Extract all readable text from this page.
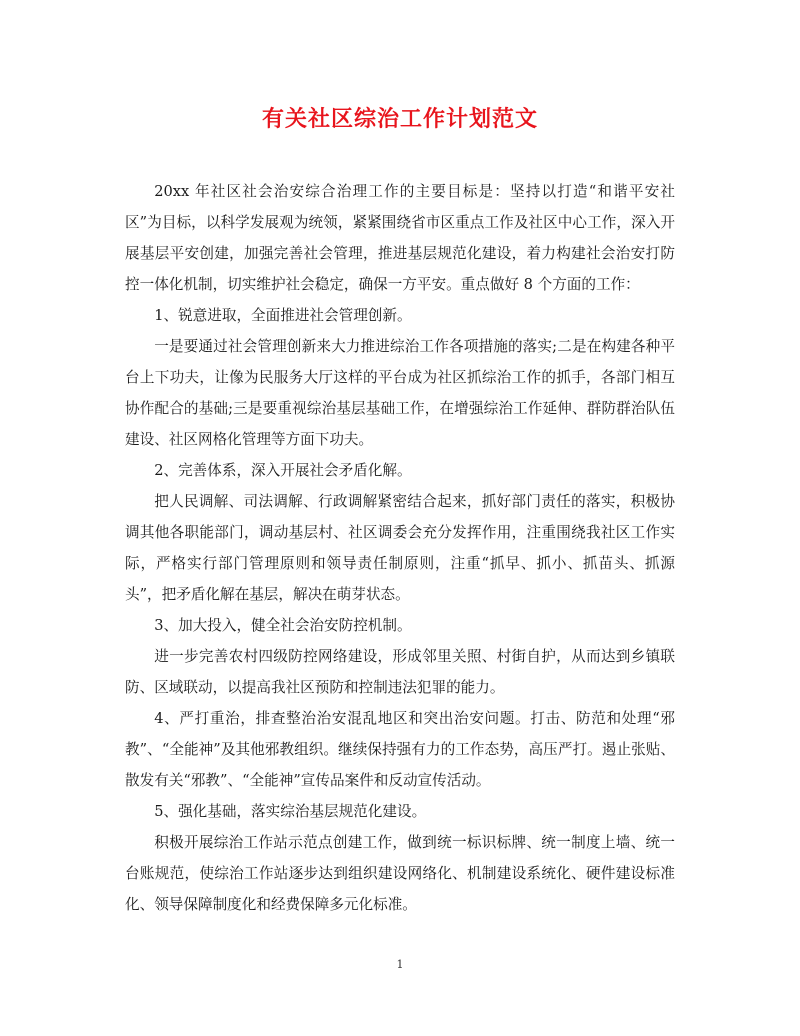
有关社区综治工作计划范文

20xx 年社区社会治安综合治理工作的主要目标是：坚持以打造“和谐平安社区”为目标，以科学发展观为统领，紧紧围绕省市区重点工作及社区中心工作，深入开展基层平安创建，加强完善社会管理，推进基层规范化建设，着力构建社会治安打防控一体化机制，切实维护社会稳定，确保一方平安。重点做好 8 个方面的工作：

1、锐意进取，全面推进社会管理创新。

一是要通过社会管理创新来大力推进综治工作各项措施的落实;二是在构建各种平台上下功夫，让像为民服务大厅这样的平台成为社区抓综治工作的抓手，各部门相互协作配合的基础;三是要重视综治基层基础工作，在增强综治工作延伸、群防群治队伍建设、社区网格化管理等方面下功夫。

2、完善体系，深入开展社会矛盾化解。

把人民调解、司法调解、行政调解紧密结合起来，抓好部门责任的落实，积极协调其他各职能部门，调动基层村、社区调委会充分发挥作用，注重围绕我社区工作实际，严格实行部门管理原则和领导责任制原则，注重“抓早、抓小、抓苗头、抓源头”，把矛盾化解在基层，解决在萌芽状态。

3、加大投入，健全社会治安防控机制。

进一步完善农村四级防控网络建设，形成邻里关照、村街自护，从而达到乡镇联防、区域联动，以提高我社区预防和控制违法犯罪的能力。

4、严打重治，排查整治治安混乱地区和突出治安问题。打击、防范和处理“邪教”、“全能神”及其他邪教组织。继续保持强有力的工作态势，高压严打。遏止张贴、散发有关“邪教”、“全能神”宣传品案件和反动宣传活动。

5、强化基础，落实综治基层规范化建设。

积极开展综治工作站示范点创建工作，做到统一标识标牌、统一制度上墙、统一台账规范，使综治工作站逐步达到组织建设网络化、机制建设系统化、硬件建设标准化、领导保障制度化和经费保障多元化标准。

1
